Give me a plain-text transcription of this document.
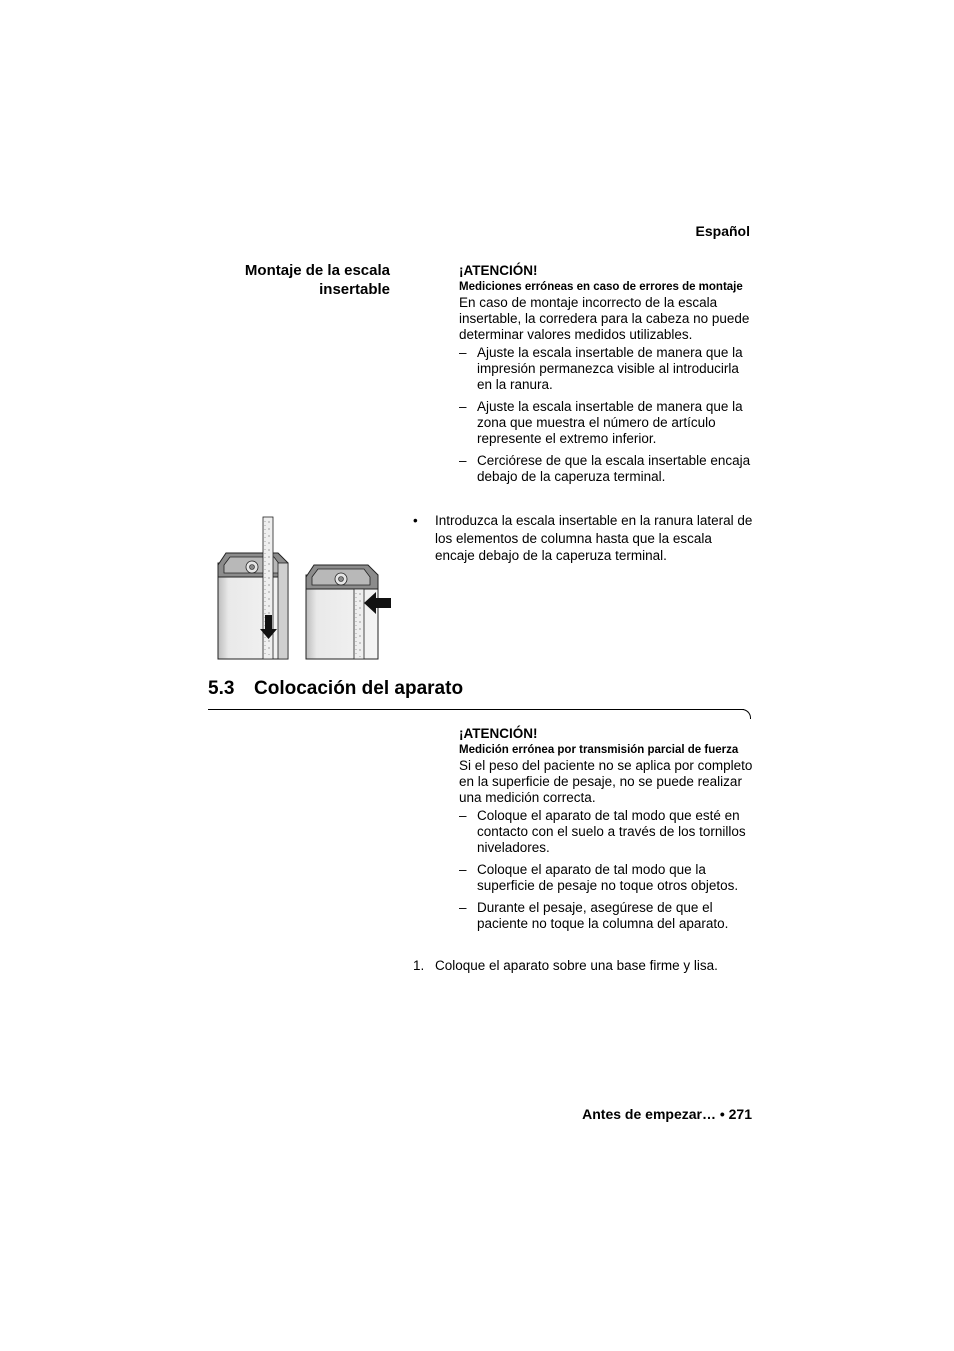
Español
Montaje de la escala insertable
¡ATENCIÓN!
Mediciones erróneas en caso de errores de montaje
En caso de montaje incorrecto de la escala insertable, la corredera para la cabeza no puede determinar valores medidos utilizables.
– Ajuste la escala insertable de manera que la impresión permanezca visible al introducirla en la ranura.
– Ajuste la escala insertable de manera que la zona que muestra el número de artículo represente el extremo inferior.
– Cerciórese de que la escala insertable encaja debajo de la caperuza terminal.
• Introduzca la escala insertable en la ranura lateral de los elementos de columna hasta que la escala encaje debajo de la caperuza terminal.
5.3 Colocación del aparato
¡ATENCIÓN!
Medición errónea por transmisión parcial de fuerza
Si el peso del paciente no se aplica por completo en la superficie de pesaje, no se puede realizar una medición correcta.
– Coloque el aparato de tal modo que esté en contacto con el suelo a través de los tornillos niveladores.
– Coloque el aparato de tal modo que la superficie de pesaje no toque otros objetos.
– Durante el pesaje, asegúrese de que el paciente no toque la columna del aparato.
1. Coloque el aparato sobre una base firme y lisa.
Antes de empezar… • 271
